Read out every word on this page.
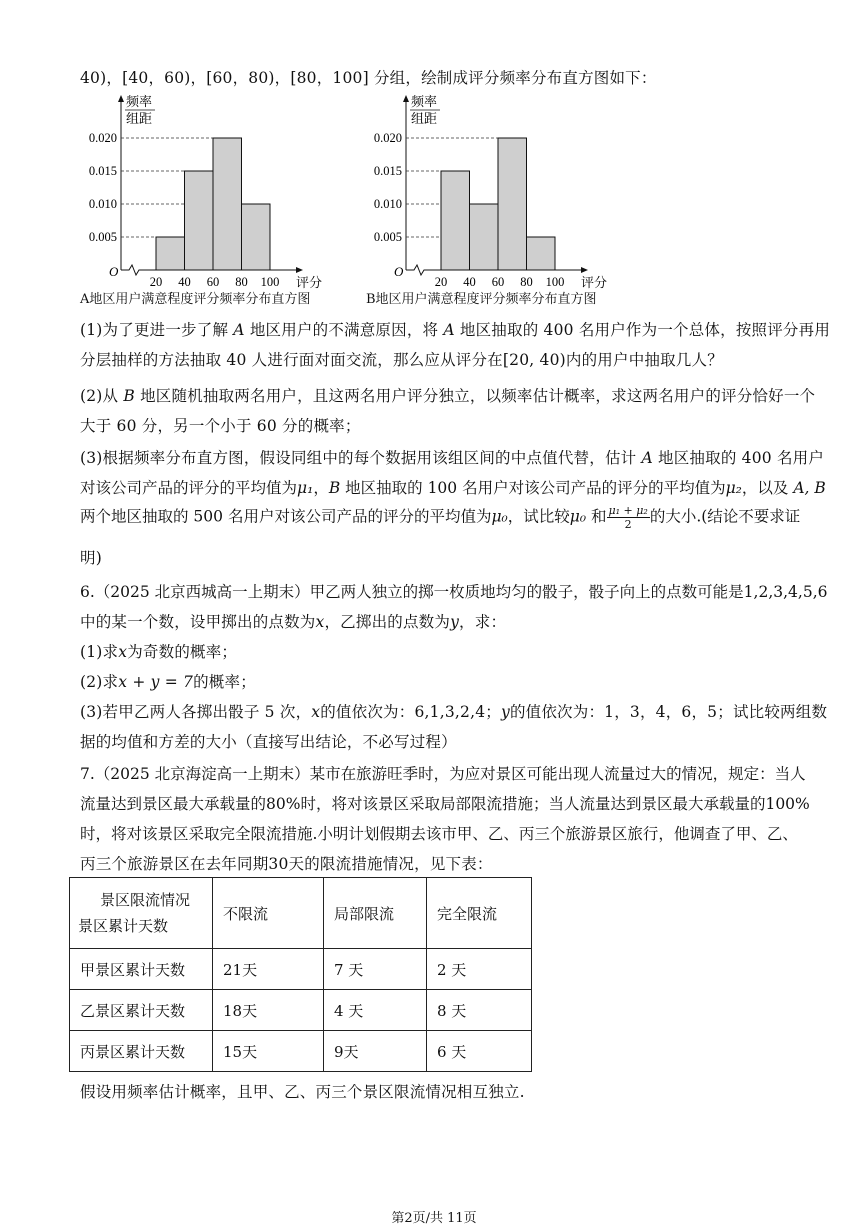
40)，[40，60)，[60，80)，[80，100] 分组，绘制成评分频率分布直方图如下：
频率
组距
O
0.005
0.010
0.015
0.020
20 40 60 80 100 评分
A地区用户满意程度评分频率分布直方图
频率
组距
O
0.005
0.010
0.015
0.020
20 40 60 80 100 评分
B地区用户满意程度评分频率分布直方图
(1)为了更进一步了解 A 地区用户的不满意原因，将 A 地区抽取的 400 名用户作为一个总体，按照评分再用
分层抽样的方法抽取 40 人进行面对面交流，那么应从评分在[20, 40)内的用户中抽取几人？
(2)从 B 地区随机抽取两名用户，且这两名用户评分独立，以频率估计概率，求这两名用户的评分恰好一个
大于 60 分，另一个小于 60 分的概率；
(3)根据频率分布直方图，假设同组中的每个数据用该组区间的中点值代替，估计 A 地区抽取的 400 名用户
对该公司产品的评分的平均值为μ₁，B 地区抽取的 100 名用户对该公司产品的评分的平均值为μ₂，以及 A, B
两个地区抽取的 500 名用户对该公司产品的评分的平均值为μ₀，试比较μ₀ 和 $\frac{\text{μ₁ + μ₂}}{2}$ 的大小.(结论不要求证
明)
6.（2025 北京西城高一上期末）甲乙两人独立的掷一枚质地均匀的骰子，骰子向上的点数可能是1,2,3,4,5,6
中的某一个数，设甲掷出的点数为x，乙掷出的点数为y，求：
(1)求x为奇数的概率；
(2)求x + y = 7的概率；
(3)若甲乙两人各掷出骰子 5 次，x的值依次为：6,1,3,2,4；y的值依次为：1，3，4，6，5；试比较两组数
据的均值和方差的大小（直接写出结论，不必写过程）
7.（2025 北京海淀高一上期末）某市在旅游旺季时，为应对景区可能出现人流量过大的情况，规定：当人
流量达到景区最大承载量的80%时，将对该景区采取局部限流措施；当人流量达到景区最大承载量的100%
时，将对该景区采取完全限流措施.小明计划假期去该市甲、乙、丙三个旅游景区旅行，他调查了甲、乙、
丙三个旅游景区在去年同期30天的限流措施情况，见下表：
景区限流情况
景区累计天数	不限流	局部限流	完全限流
甲景区累计天数	21天	7 天	2 天
乙景区累计天数	18天	4 天	8 天
丙景区累计天数	15天	9天	6 天
假设用频率估计概率，且甲、乙、丙三个景区限流情况相互独立.
第2页/共 11页
